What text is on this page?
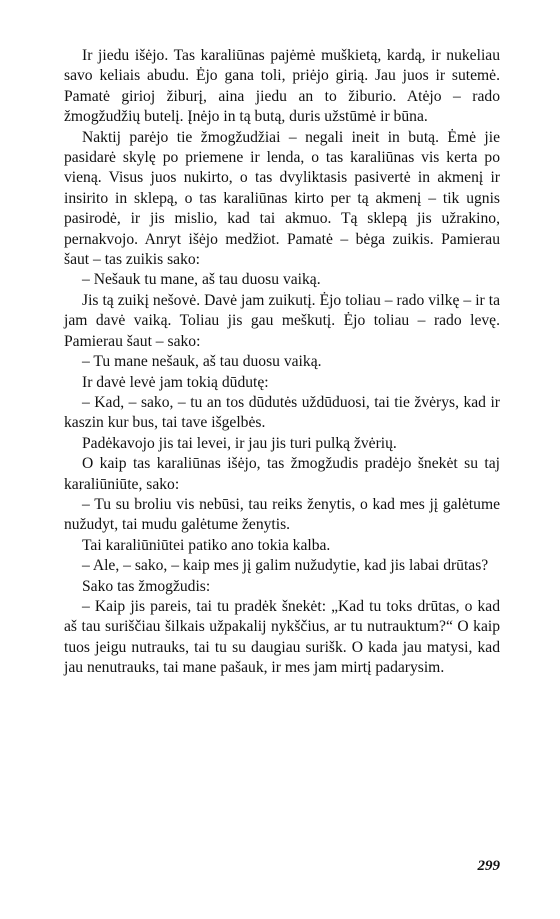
Ir jiedu išėjo. Tas karaliūnas pajėmė muškietą, kardą, ir nukeliau savo keliais abudu. Ėjo gana toli, priėjo girią. Jau juos ir sutemė. Pamatė girioj žiburį, aina jiedu an to žiburio. Atėjo – rado žmogžudžių butelį. Įnėjo in tą butą, duris užstūmė ir būna.

Naktij parėjo tie žmogžudžiai – negali ineit in butą. Ėmė jie pasidarė skylę po priemene ir lenda, o tas karaliūnas vis kerta po vieną. Visus juos nukirto, o tas dvyliktasis pasivertė in akmenį ir insirito in sklepą, o tas karaliūnas kirto per tą akmenį – tik ugnis pasirodė, ir jis mislio, kad tai akmuo. Tą sklepą jis užrakino, pernakvojo. Anryt išėjo medžiot. Pamatė – bėga zuikis. Pamierau šaut – tas zuikis sako:

– Nešauk tu mane, aš tau duosu vaiką.

Jis tą zuikį nešovė. Davė jam zuikutį. Ėjo toliau – rado vilkę – ir ta jam davė vaiką. Toliau jis gau meškutį. Ėjo toliau – rado levę. Pamierau šaut – sako:

– Tu mane nešauk, aš tau duosu vaiką.

Ir davė levė jam tokią dūdutę:

– Kad, – sako, – tu an tos dūdutės uždūduosi, tai tie žvėrys, kad ir kaszin kur bus, tai tave išgelbės.

Padėkavojo jis tai levei, ir jau jis turi pulką žvėrių.

O kaip tas karaliūnas išėjo, tas žmogžudis pradėjo šnekėt su taj karaliūniūte, sako:

– Tu su broliu vis nebūsi, tau reiks ženytis, o kad mes jį galėtume nužudyt, tai mudu galėtume ženytis.

Tai karaliūniūtei patiko ano tokia kalba.

– Ale, – sako, – kaip mes jį galim nužudytie, kad jis labai drūtas?

Sako tas žmogžudis:

– Kaip jis pareis, tai tu pradėk šnekėt: „Kad tu toks drūtas, o kad aš tau suriščiau šilkais užpakalij nykščius, ar tu nutrauktum?“ O kaip tuos jeigu nutrauks, tai tu su daugiau surišk. O kada jau matysi, kad jau nenutrauks, tai mane pašauk, ir mes jam mirtį padarysim.

299
